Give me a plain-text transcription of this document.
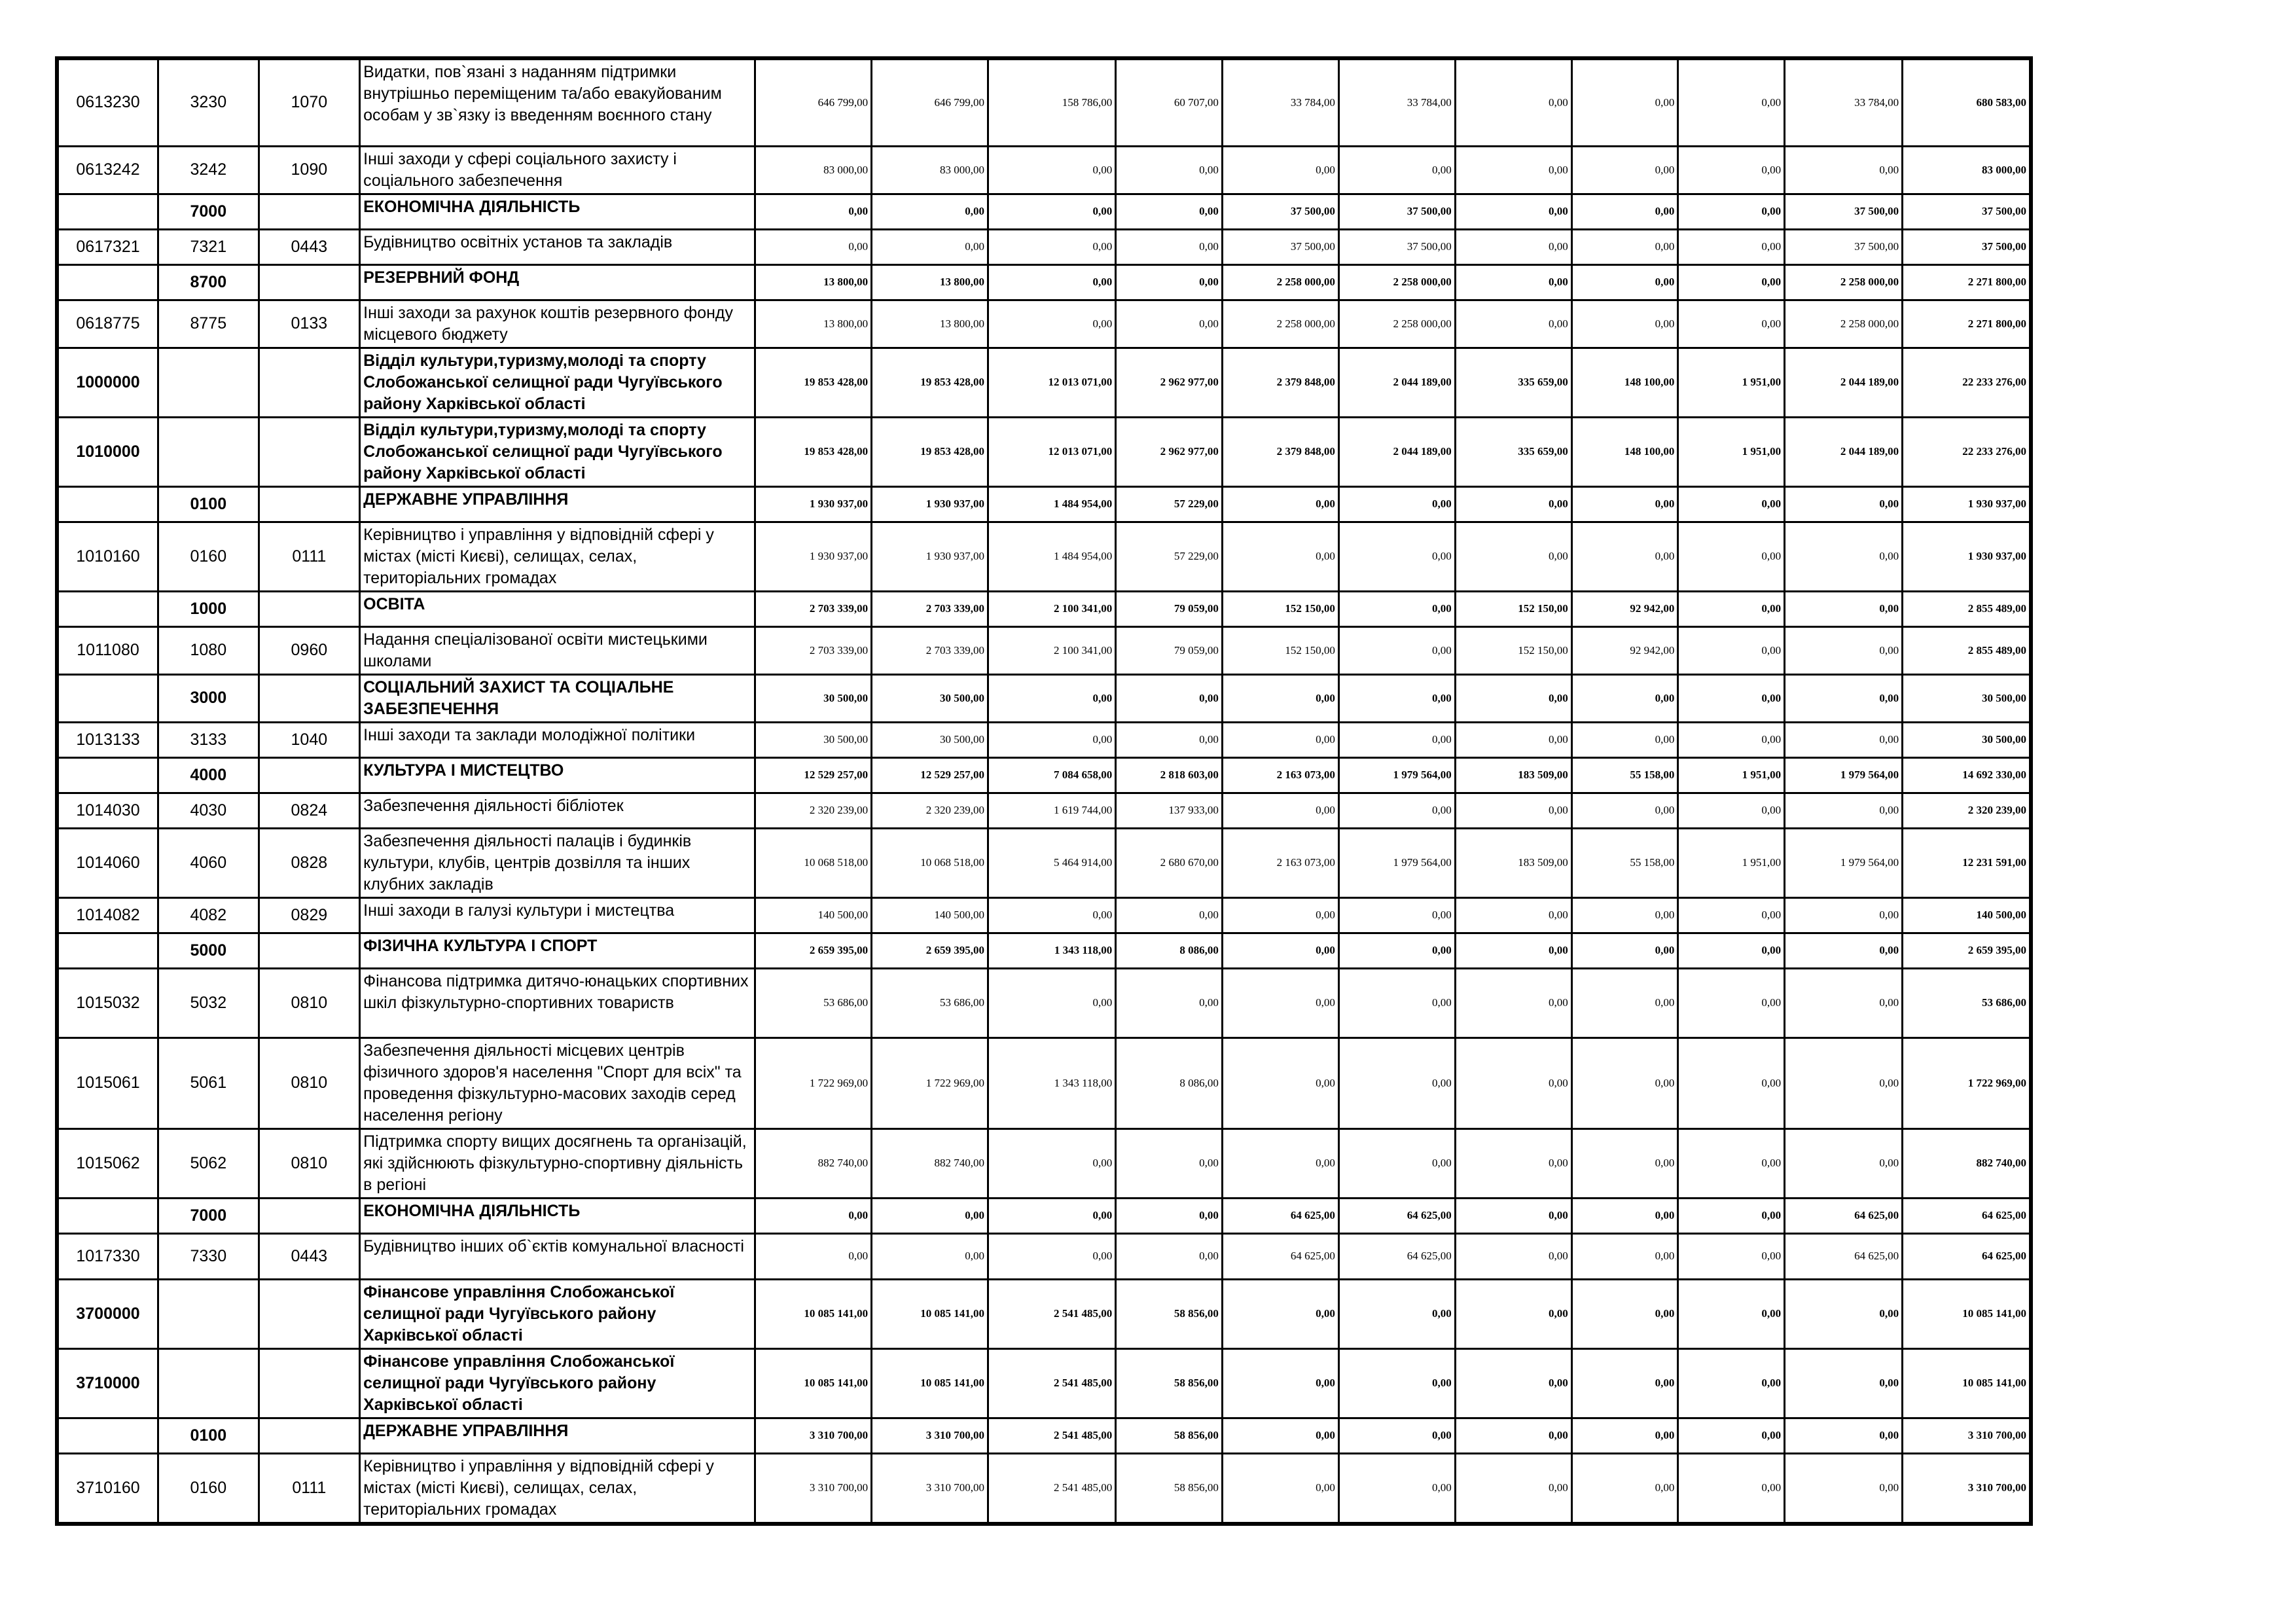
0613230	3230	1070	Видатки, пов`язані з наданням підтримки внутрішньо переміщеним та/або евакуйованим особам у зв`язку із введенням воєнного стану	646 799,00	646 799,00	158 786,00	60 707,00	33 784,00	33 784,00	0,00	0,00	0,00	33 784,00	680 583,00
0613242	3242	1090	Інші заходи у сфері соціального захисту і соціального забезпечення	83 000,00	83 000,00	0,00	0,00	0,00	0,00	0,00	0,00	0,00	0,00	83 000,00
	7000		ЕКОНОМІЧНА ДІЯЛЬНІСТЬ	0,00	0,00	0,00	0,00	37 500,00	37 500,00	0,00	0,00	0,00	37 500,00	37 500,00
0617321	7321	0443	Будівництво освітніх установ та закладів	0,00	0,00	0,00	0,00	37 500,00	37 500,00	0,00	0,00	0,00	37 500,00	37 500,00
	8700		РЕЗЕРВНИЙ ФОНД	13 800,00	13 800,00	0,00	0,00	2 258 000,00	2 258 000,00	0,00	0,00	0,00	2 258 000,00	2 271 800,00
0618775	8775	0133	Інші заходи за рахунок коштів резервного фонду місцевого бюджету	13 800,00	13 800,00	0,00	0,00	2 258 000,00	2 258 000,00	0,00	0,00	0,00	2 258 000,00	2 271 800,00
1000000			Відділ культури,туризму,молоді та спорту Слобожанської селищної ради Чугуївського району Харківської області	19 853 428,00	19 853 428,00	12 013 071,00	2 962 977,00	2 379 848,00	2 044 189,00	335 659,00	148 100,00	1 951,00	2 044 189,00	22 233 276,00
1010000			Відділ культури,туризму,молоді та спорту Слобожанської селищної ради Чугуївського району Харківської області	19 853 428,00	19 853 428,00	12 013 071,00	2 962 977,00	2 379 848,00	2 044 189,00	335 659,00	148 100,00	1 951,00	2 044 189,00	22 233 276,00
	0100		ДЕРЖАВНЕ УПРАВЛІННЯ	1 930 937,00	1 930 937,00	1 484 954,00	57 229,00	0,00	0,00	0,00	0,00	0,00	0,00	1 930 937,00
1010160	0160	0111	Керівництво і управління у відповідній сфері у містах (місті Києві), селищах, селах, територіальних громадах	1 930 937,00	1 930 937,00	1 484 954,00	57 229,00	0,00	0,00	0,00	0,00	0,00	0,00	1 930 937,00
	1000		ОСВІТА	2 703 339,00	2 703 339,00	2 100 341,00	79 059,00	152 150,00	0,00	152 150,00	92 942,00	0,00	0,00	2 855 489,00
1011080	1080	0960	Надання спеціалізованої освіти мистецькими школами	2 703 339,00	2 703 339,00	2 100 341,00	79 059,00	152 150,00	0,00	152 150,00	92 942,00	0,00	0,00	2 855 489,00
	3000		СОЦІАЛЬНИЙ ЗАХИСТ ТА СОЦІАЛЬНЕ ЗАБЕЗПЕЧЕННЯ	30 500,00	30 500,00	0,00	0,00	0,00	0,00	0,00	0,00	0,00	0,00	30 500,00
1013133	3133	1040	Інші заходи та заклади молодіжної політики	30 500,00	30 500,00	0,00	0,00	0,00	0,00	0,00	0,00	0,00	0,00	30 500,00
	4000		КУЛЬТУРА І МИСТЕЦТВО	12 529 257,00	12 529 257,00	7 084 658,00	2 818 603,00	2 163 073,00	1 979 564,00	183 509,00	55 158,00	1 951,00	1 979 564,00	14 692 330,00
1014030	4030	0824	Забезпечення діяльності бібліотек	2 320 239,00	2 320 239,00	1 619 744,00	137 933,00	0,00	0,00	0,00	0,00	0,00	0,00	2 320 239,00
1014060	4060	0828	Забезпечення діяльності палаців i будинків культури, клубів, центрів дозвілля та iнших клубних закладів	10 068 518,00	10 068 518,00	5 464 914,00	2 680 670,00	2 163 073,00	1 979 564,00	183 509,00	55 158,00	1 951,00	1 979 564,00	12 231 591,00
1014082	4082	0829	Інші заходи в галузі культури і мистецтва	140 500,00	140 500,00	0,00	0,00	0,00	0,00	0,00	0,00	0,00	0,00	140 500,00
	5000		ФІЗИЧНА КУЛЬТУРА І СПОРТ	2 659 395,00	2 659 395,00	1 343 118,00	8 086,00	0,00	0,00	0,00	0,00	0,00	0,00	2 659 395,00
1015032	5032	0810	Фінансова підтримка дитячо-юнацьких спортивних шкіл фізкультурно-спортивних товариств	53 686,00	53 686,00	0,00	0,00	0,00	0,00	0,00	0,00	0,00	0,00	53 686,00
1015061	5061	0810	Забезпечення діяльності місцевих центрів фізичного здоров'я населення "Спорт для всіх" та проведення фізкультурно-масових заходів серед населення регіону	1 722 969,00	1 722 969,00	1 343 118,00	8 086,00	0,00	0,00	0,00	0,00	0,00	0,00	1 722 969,00
1015062	5062	0810	Підтримка спорту вищих досягнень та організацій, які здійснюють фізкультурно-спортивну діяльність в регіоні	882 740,00	882 740,00	0,00	0,00	0,00	0,00	0,00	0,00	0,00	0,00	882 740,00
	7000		ЕКОНОМІЧНА ДІЯЛЬНІСТЬ	0,00	0,00	0,00	0,00	64 625,00	64 625,00	0,00	0,00	0,00	64 625,00	64 625,00
1017330	7330	0443	Будівництво інших об`єктів комунальної власності	0,00	0,00	0,00	0,00	64 625,00	64 625,00	0,00	0,00	0,00	64 625,00	64 625,00
3700000			Фінансове управління Слобожанської селищної ради Чугуївського району Харківської області	10 085 141,00	10 085 141,00	2 541 485,00	58 856,00	0,00	0,00	0,00	0,00	0,00	0,00	10 085 141,00
3710000			Фінансове управління Слобожанської селищної ради Чугуївського району Харківської області	10 085 141,00	10 085 141,00	2 541 485,00	58 856,00	0,00	0,00	0,00	0,00	0,00	0,00	10 085 141,00
	0100		ДЕРЖАВНЕ УПРАВЛІННЯ	3 310 700,00	3 310 700,00	2 541 485,00	58 856,00	0,00	0,00	0,00	0,00	0,00	0,00	3 310 700,00
3710160	0160	0111	Керівництво і управління у відповідній сфері у містах (місті Києві), селищах, селах, територіальних громадах	3 310 700,00	3 310 700,00	2 541 485,00	58 856,00	0,00	0,00	0,00	0,00	0,00	0,00	3 310 700,00
